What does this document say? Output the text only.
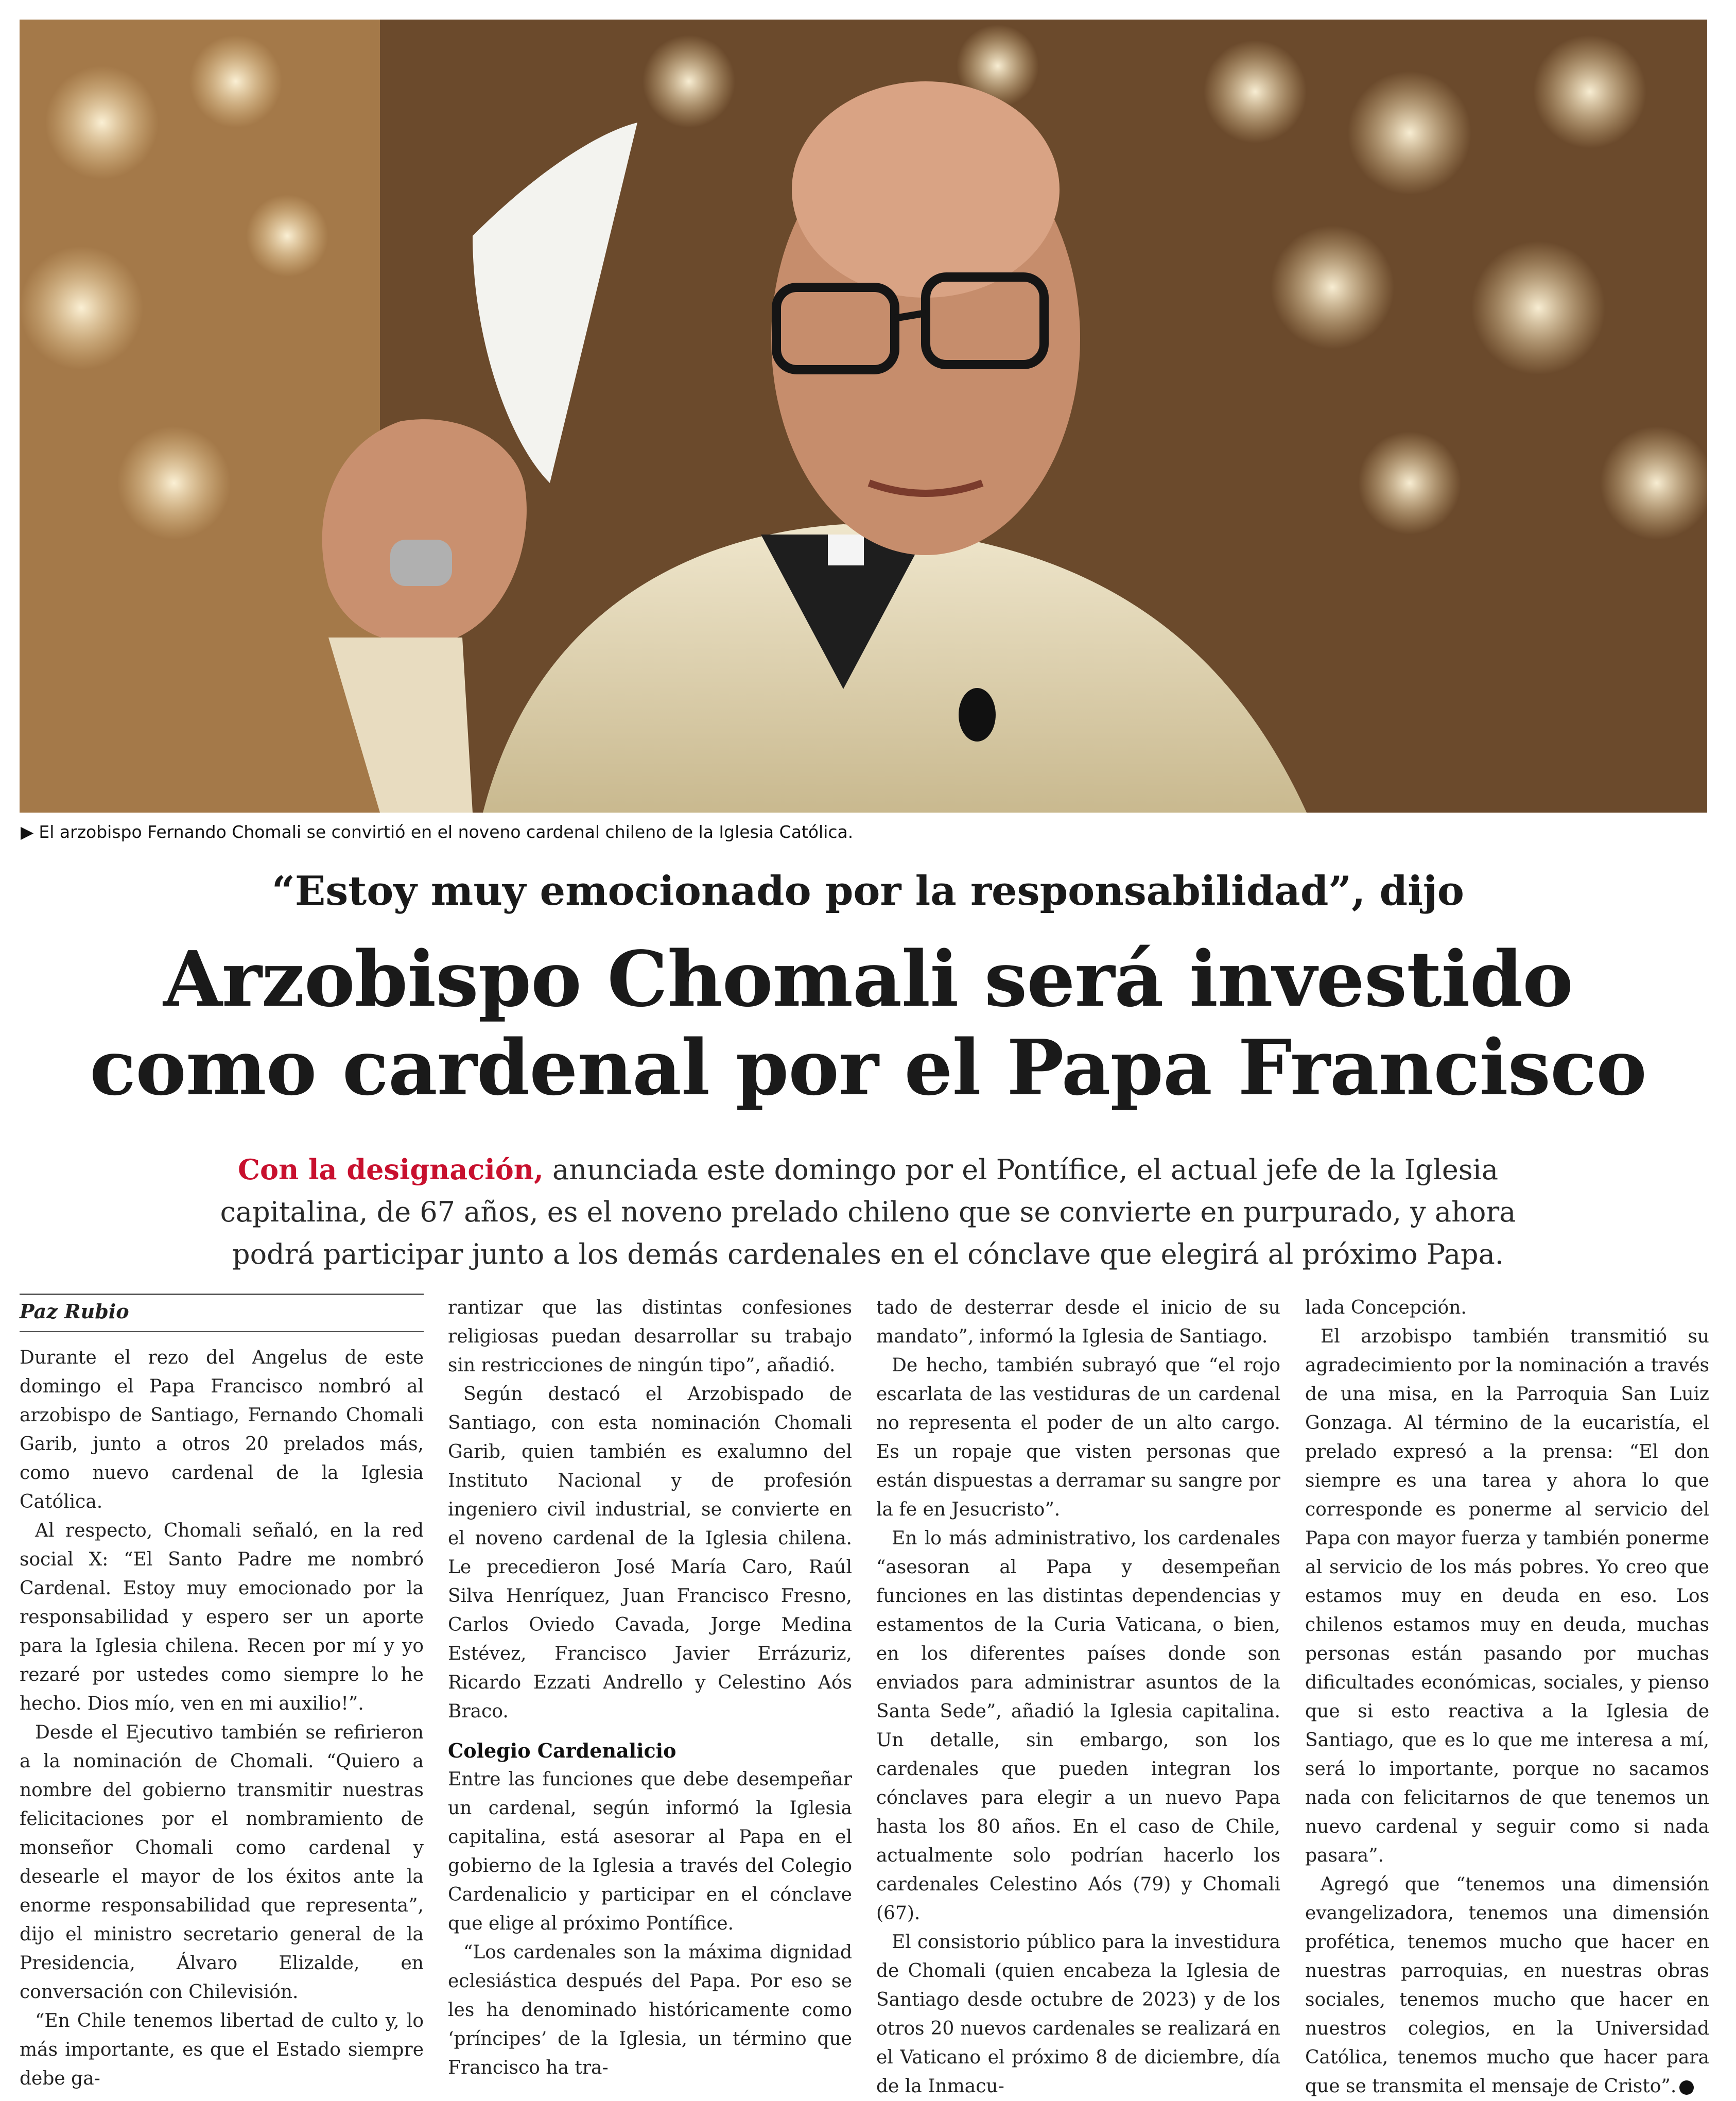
▶ El arzobispo Fernando Chomali se convirtió en el noveno cardenal chileno de la Iglesia Católica.
“Estoy muy emocionado por la responsabilidad”, dijo
Arzobispo Chomali será investido
como cardenal por el Papa Francisco
Con la designación, anunciada este domingo por el Pontífice, el actual jefe de la Iglesia
capitalina, de 67 años, es el noveno prelado chileno que se convierte en purpurado, y ahora
podrá participar junto a los demás cardenales en el cónclave que elegirá al próximo Papa.
Paz Rubio

Durante el rezo del Angelus de este domingo el Papa Francisco nombró al arzobispo de Santiago, Fernando Chomali Garib, junto a otros 20 prelados más, como nuevo cardenal de la Iglesia Católica.

Al respecto, Chomali señaló, en la red social X: “El Santo Padre me nombró Cardenal. Estoy muy emocionado por la responsabilidad y espero ser un aporte para la Iglesia chilena. Recen por mí y yo rezaré por ustedes como siempre lo he hecho. Dios mío, ven en mi auxilio!”.

Desde el Ejecutivo también se refirieron a la nominación de Chomali. “Quiero a nombre del gobierno transmitir nuestras felicitaciones por el nombramiento de monseñor Chomali como cardenal y desearle el mayor de los éxitos ante la enorme responsabilidad que representa”, dijo el ministro secretario general de la Presidencia, Álvaro Elizalde, en conversación con Chilevisión.

“En Chile tenemos libertad de culto y, lo más importante, es que el Estado siempre debe ga-

rantizar que las distintas confesiones religiosas puedan desarrollar su trabajo sin restricciones de ningún tipo”, añadió.

Según destacó el Arzobispado de Santiago, con esta nominación Chomali Garib, quien también es exalumno del Instituto Nacional y de profesión ingeniero civil industrial, se convierte en el noveno cardenal de la Iglesia chilena. Le precedieron José María Caro, Raúl Silva Henríquez, Juan Francisco Fresno, Carlos Oviedo Cavada, Jorge Medina Estévez, Francisco Javier Errázuriz, Ricardo Ezzati Andrello y Celestino Aós Braco.

Colegio Cardenalicio

Entre las funciones que debe desempeñar un cardenal, según informó la Iglesia capitalina, está asesorar al Papa en el gobierno de la Iglesia a través del Colegio Cardenalicio y participar en el cónclave que elige al próximo Pontífice.

“Los cardenales son la máxima dignidad eclesiástica después del Papa. Por eso se les ha denominado históricamente como ‘príncipes’ de la Iglesia, un término que Francisco ha tra-

tado de desterrar desde el inicio de su mandato”, informó la Iglesia de Santiago.

De hecho, también subrayó que “el rojo escarlata de las vestiduras de un cardenal no representa el poder de un alto cargo. Es un ropaje que visten personas que están dispuestas a derramar su sangre por la fe en Jesucristo”.

En lo más administrativo, los cardenales “asesoran al Papa y desempeñan funciones en las distintas dependencias y estamentos de la Curia Vaticana, o bien, en los diferentes países donde son enviados para administrar asuntos de la Santa Sede”, añadió la Iglesia capitalina. Un detalle, sin embargo, son los cardenales que pueden integran los cónclaves para elegir a un nuevo Papa hasta los 80 años. En el caso de Chile, actualmente solo podrían hacerlo los cardenales Celestino Aós (79) y Chomali (67).

El consistorio público para la investidura de Chomali (quien encabeza la Iglesia de Santiago desde octubre de 2023) y de los otros 20 nuevos cardenales se realizará en el Vaticano el próximo 8 de diciembre, día de la Inmacu-

lada Concepción.

El arzobispo también transmitió su agradecimiento por la nominación a través de una misa, en la Parroquia San Luiz Gonzaga. Al término de la eucaristía, el prelado expresó a la prensa: “El don siempre es una tarea y ahora lo que corresponde es ponerme al servicio del Papa con mayor fuerza y también ponerme al servicio de los más pobres. Yo creo que estamos muy en deuda en eso. Los chilenos estamos muy en deuda, muchas personas están pasando por muchas dificultades económicas, sociales, y pienso que si esto reactiva a la Iglesia de Santiago, que es lo que me interesa a mí, será lo importante, porque no sacamos nada con felicitarnos de que tenemos un nuevo cardenal y seguir como si nada pasara”.

Agregó que “tenemos una dimensión evangelizadora, tenemos una dimensión profética, tenemos mucho que hacer en nuestras parroquias, en nuestras obras sociales, tenemos mucho que hacer en nuestros colegios, en la Universidad Católica, tenemos mucho que hacer para que se transmita el mensaje de Cristo”.
